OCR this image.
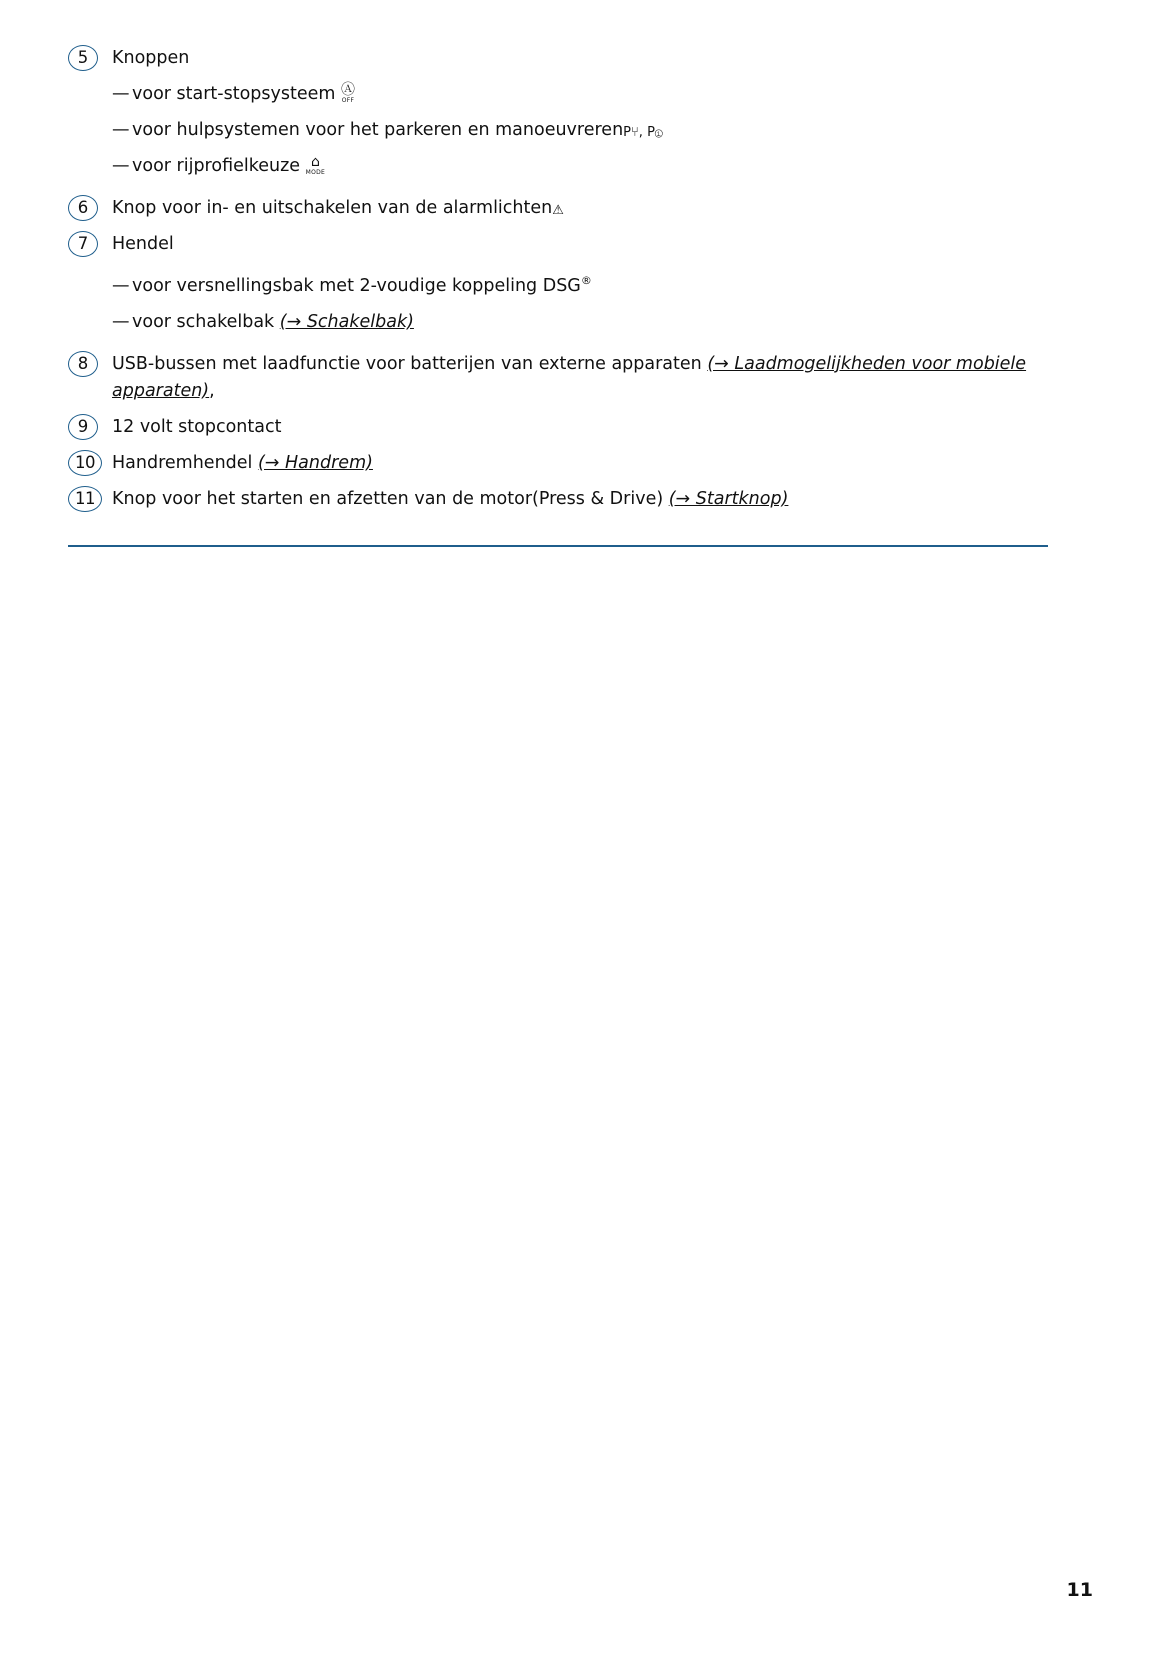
5	Knoppen
— voor start-stopsysteem Ⓐ
OFF
— voor hulpsystemen voor het parkeren en manoeuvrerenP⑂, Pⓘ
— voor rijprofielkeuze ⌂
MODE
6	Knop voor in- en uitschakelen van de alarmlichten⚠
7	Hendel
— voor versnellingsbak met 2-voudige koppeling DSG®
— voor schakelbak (→ Schakelbak)
8	USB-bussen met laadfunctie voor batterijen van externe apparaten (→ Laadmogelijkheden voor mobiele apparaten),
9	12 volt stopcontact
10 Handremhendel (→ Handrem)
11 Knop voor het starten en afzetten van de motor(Press & Drive) (→ Startknop)
11
